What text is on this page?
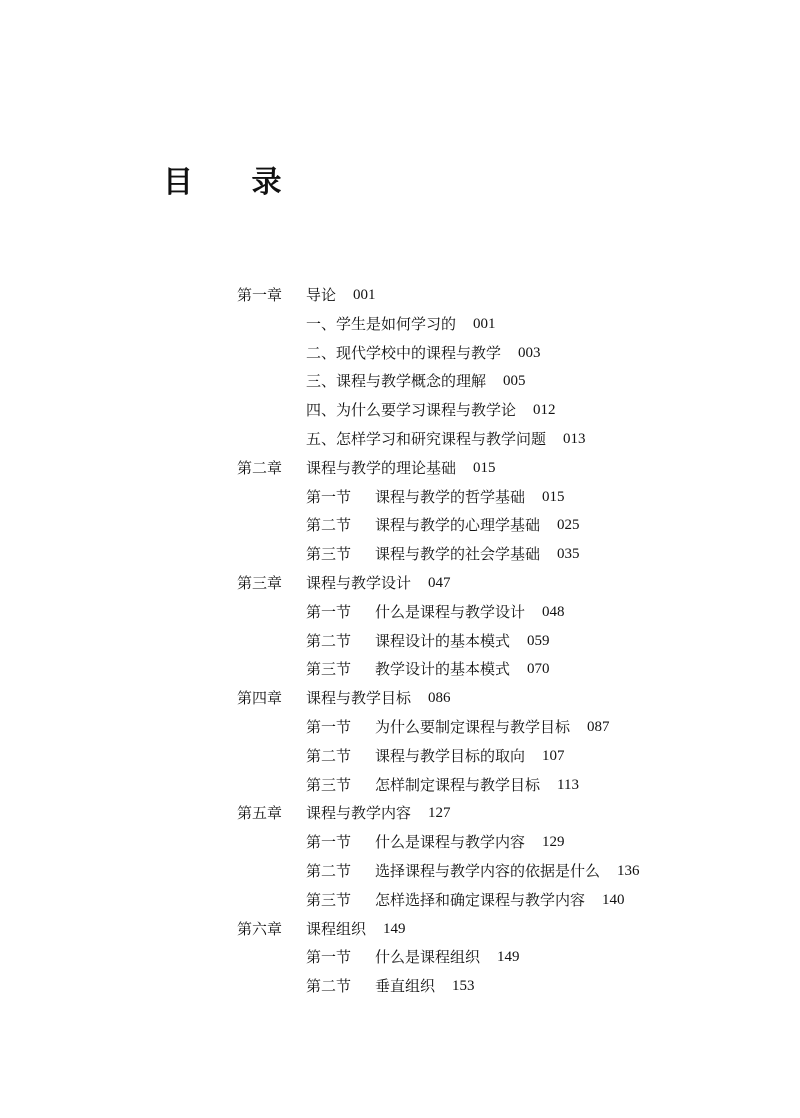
目 录
第一章	导论 001
一、学生是如何学习的 001
二、现代学校中的课程与教学 003
三、课程与教学概念的理解 005
四、为什么要学习课程与教学论 012
五、怎样学习和研究课程与教学问题 013
第二章	课程与教学的理论基础 015
第一节	课程与教学的哲学基础 015
第二节	课程与教学的心理学基础 025
第三节	课程与教学的社会学基础 035
第三章	课程与教学设计 047
第一节	什么是课程与教学设计 048
第二节	课程设计的基本模式 059
第三节	教学设计的基本模式 070
第四章	课程与教学目标 086
第一节	为什么要制定课程与教学目标 087
第二节	课程与教学目标的取向 107
第三节	怎样制定课程与教学目标 113
第五章	课程与教学内容 127
第一节	什么是课程与教学内容 129
第二节	选择课程与教学内容的依据是什么 136
第三节	怎样选择和确定课程与教学内容 140
第六章	课程组织 149
第一节	什么是课程组织 149
第二节	垂直组织 153
